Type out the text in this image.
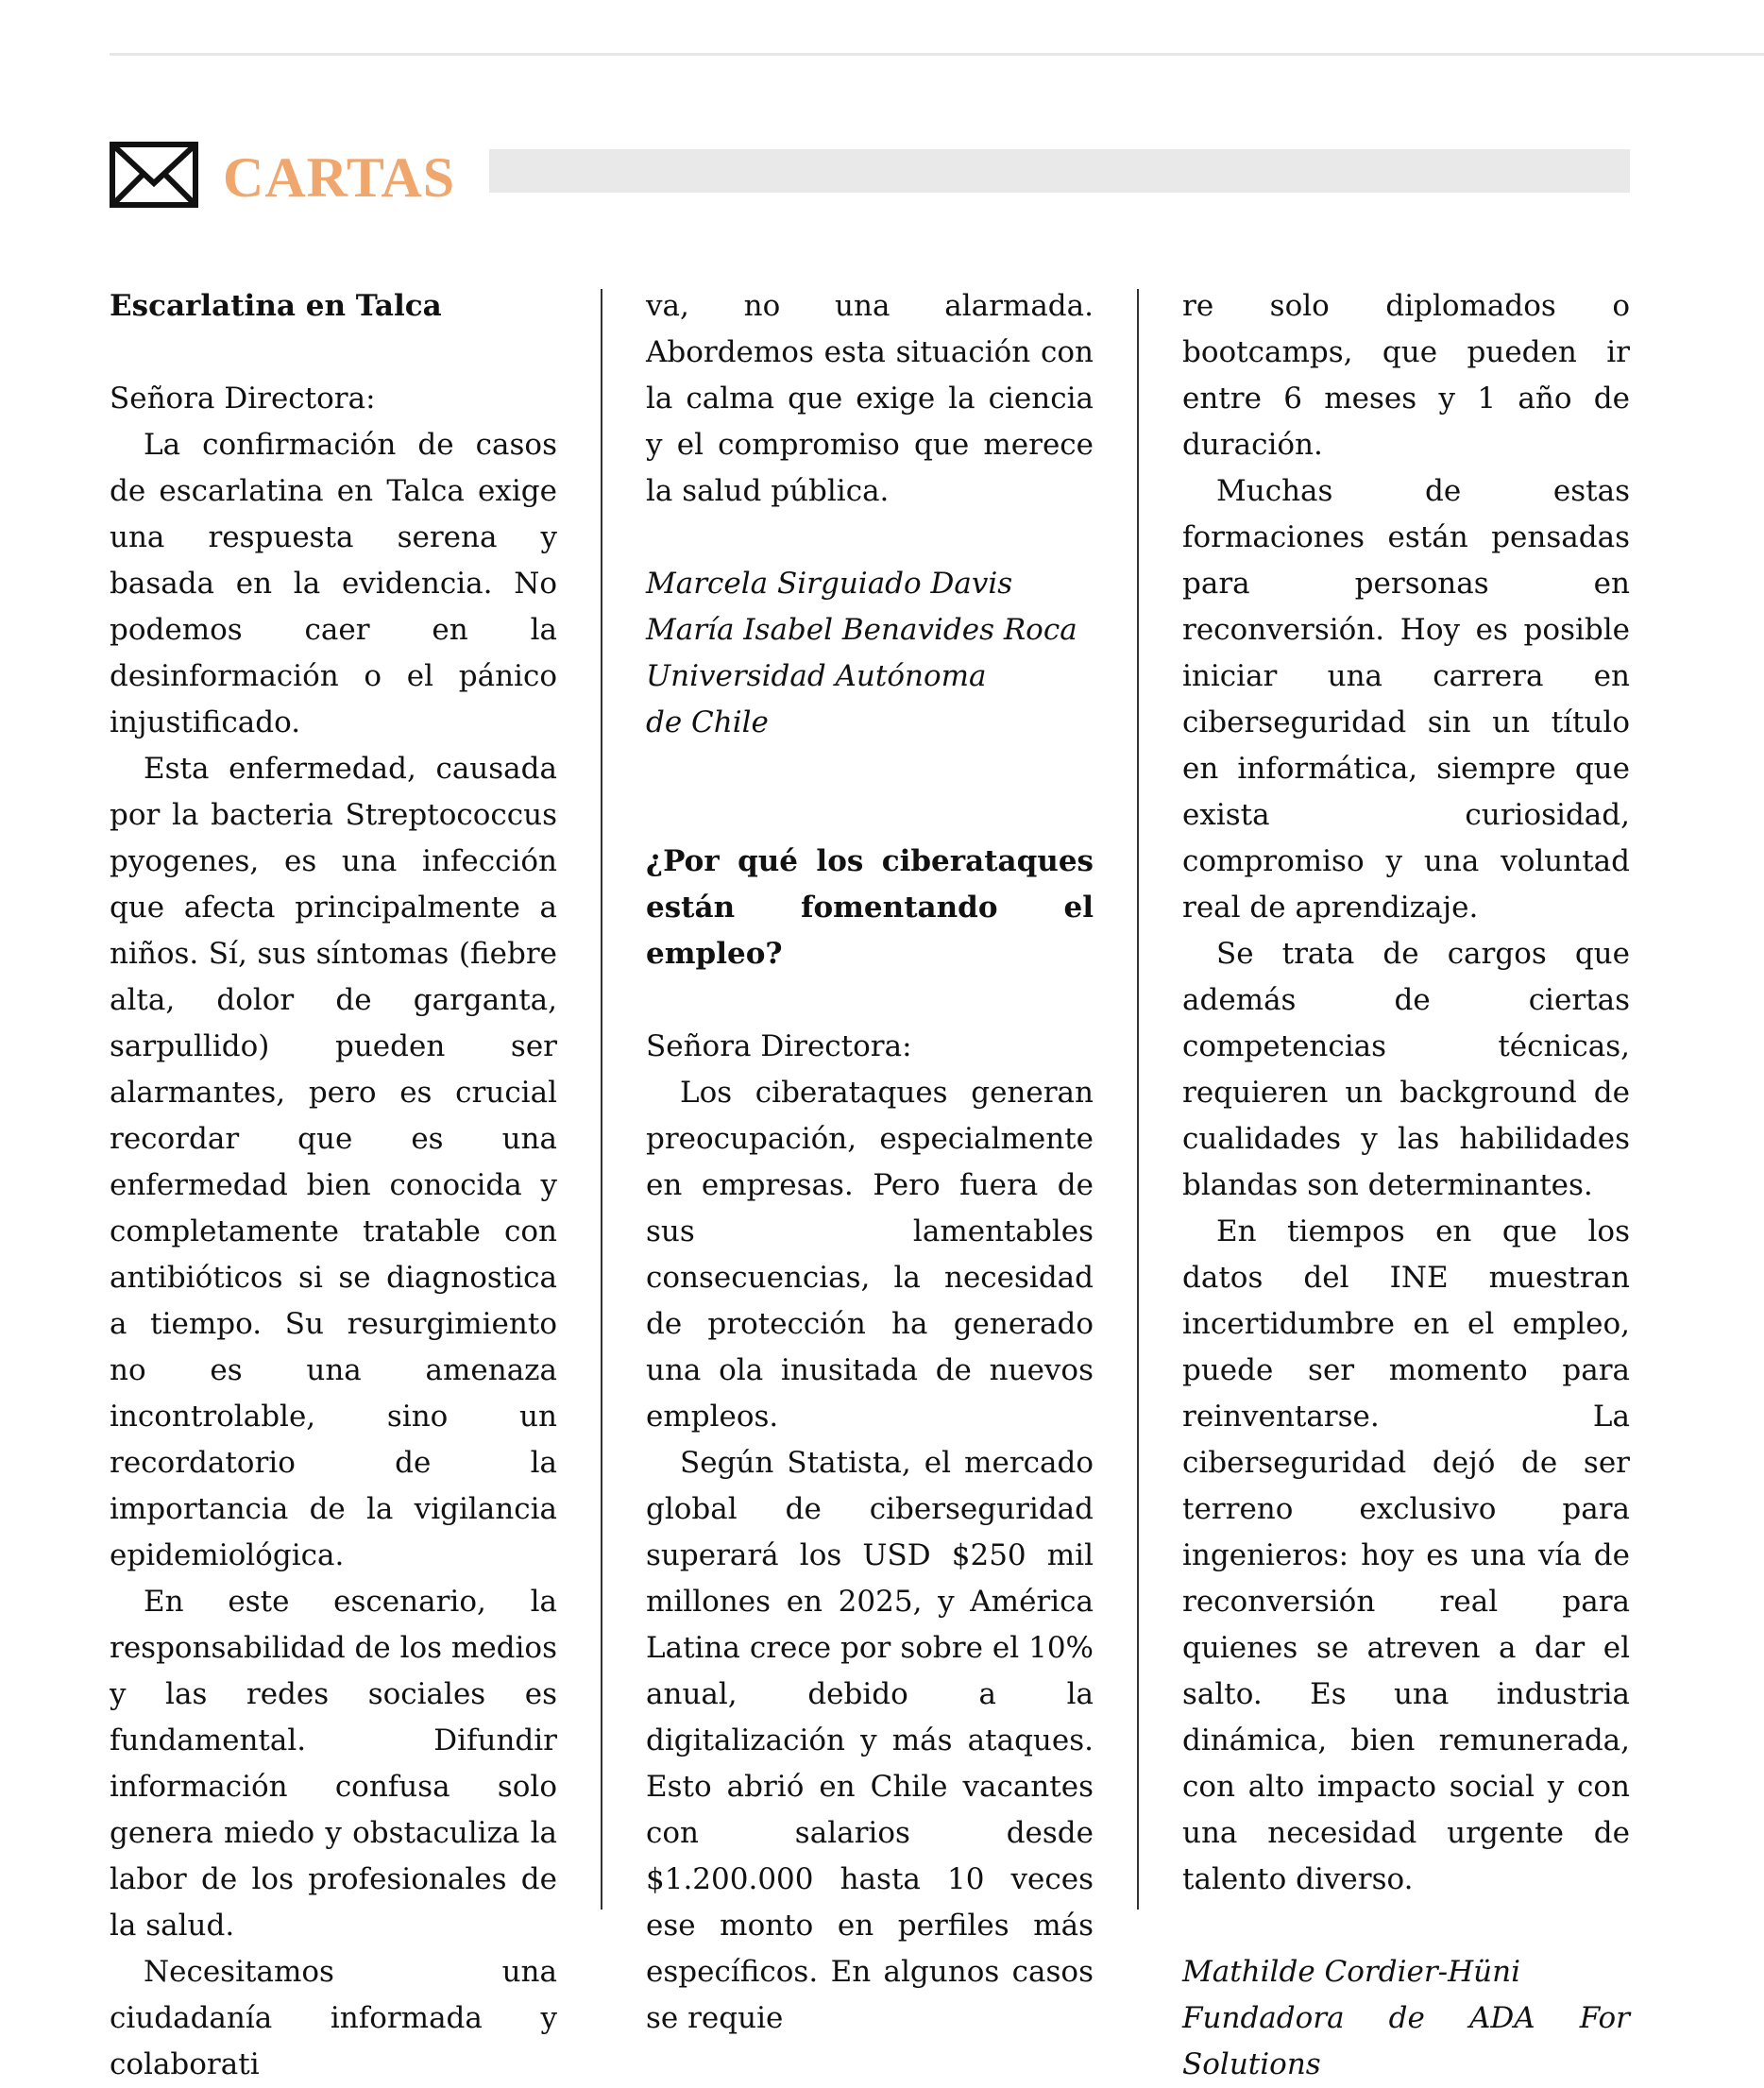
CARTAS

Escarlatina en Talca

Señora Directora:

La confirmación de casos de escarlatina en Talca exige una respuesta serena y basada en la evidencia. No podemos caer en la desinformación o el pánico injustificado.

Esta enfermedad, causada por la bacteria Streptococcus pyogenes, es una infección que afecta principalmente a niños. Sí, sus síntomas (fiebre alta, dolor de garganta, sarpullido) pueden ser alarmantes, pero es crucial recordar que es una enfermedad bien conocida y completamente tratable con antibióticos si se diagnostica a tiempo. Su resurgimiento no es una amenaza incontrolable, sino un recordatorio de la importancia de la vigilancia epidemiológica.

En este escenario, la responsabilidad de los medios y las redes sociales es fundamental. Difundir información confusa solo genera miedo y obstaculiza la labor de los profesionales de la salud.

Necesitamos una ciudadanía informada y colaborati

va, no una alarmada. Abordemos esta situación con la calma que exige la ciencia y el compromiso que merece la salud pública.

Marcela Sirguiado Davis

María Isabel Benavides Roca

Universidad Autónoma

de Chile

¿Por qué los ciberataques están fomentando el empleo?

Señora Directora:

Los ciberataques generan preocupación, especialmente en empresas. Pero fuera de sus lamentables consecuencias, la necesidad de protección ha generado una ola inusitada de nuevos empleos.

Según Statista, el mercado global de ciberseguridad superará los USD $250 mil millones en 2025, y América Latina crece por sobre el 10% anual, debido a la digitalización y más ataques. Esto abrió en Chile vacantes con salarios desde $1.200.000 hasta 10 veces ese monto en perfiles más específicos. En algunos casos se requie

re solo diplomados o bootcamps, que pueden ir entre 6 meses y 1 año de duración.

Muchas de estas formaciones están pensadas para personas en reconversión. Hoy es posible iniciar una carrera en ciberseguridad sin un título en informática, siempre que exista curiosidad, compromiso y una voluntad real de aprendizaje.

Se trata de cargos que además de ciertas competencias técnicas, requieren un background de cualidades y las habilidades blandas son determinantes.

En tiempos en que los datos del INE muestran incertidumbre en el empleo, puede ser momento para reinventarse. La ciberseguridad dejó de ser terreno exclusivo para ingenieros: hoy es una vía de reconversión real para quienes se atreven a dar el salto. Es una industria dinámica, bien remunerada, con alto impacto social y con una necesidad urgente de talento diverso.

Mathilde Cordier-Hüni

Fundadora de ADA For Solutions
